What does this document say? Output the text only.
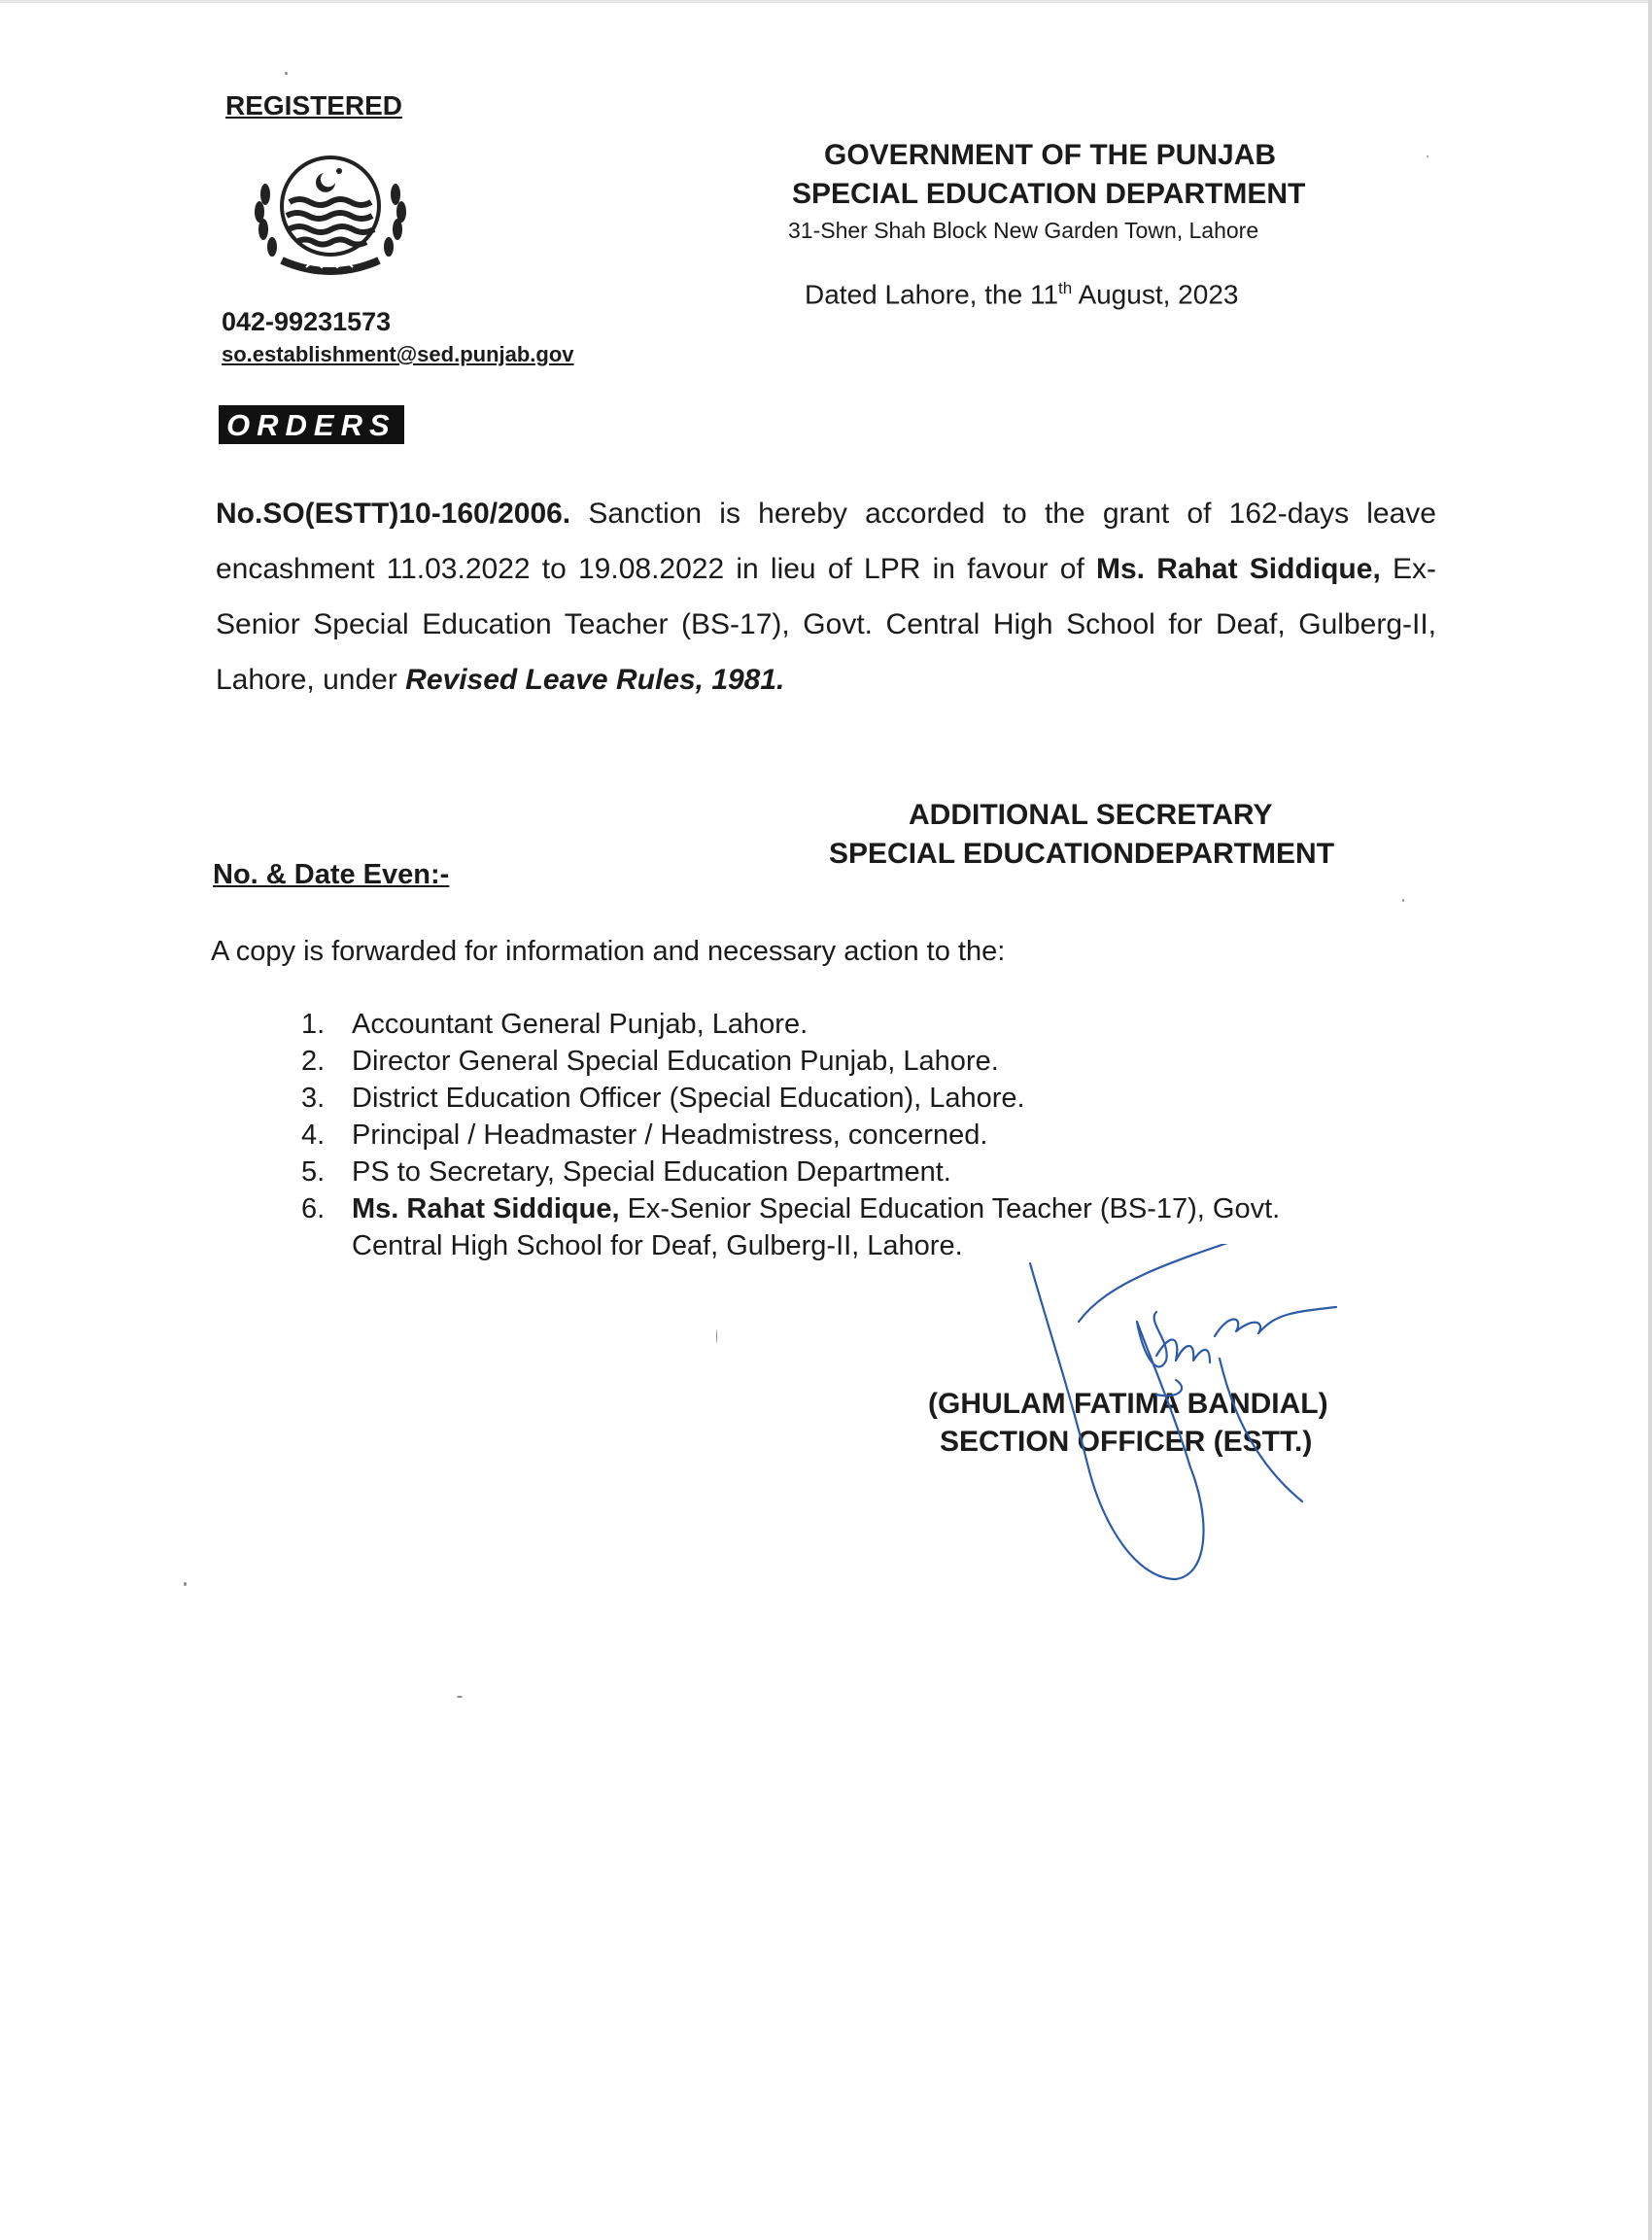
REGISTERED
042-99231573
so.establishment@sed.punjab.gov
GOVERNMENT OF THE PUNJAB
SPECIAL EDUCATION DEPARTMENT
31-Sher Shah Block New Garden Town, Lahore
Dated Lahore, the 11th August, 2023
ORDERS
No.SO(ESTT)10-160/2006. Sanction is hereby accorded to the grant of 162-days leave encashment 11.03.2022 to 19.08.2022 in lieu of LPR in favour of Ms. Rahat Siddique, Ex-Senior Special Education Teacher (BS-17), Govt. Central High School for Deaf, Gulberg-II, Lahore, under Revised Leave Rules, 1981.
ADDITIONAL SECRETARY
SPECIAL EDUCATIONDEPARTMENT
No. & Date Even:-
A copy is forwarded for information and necessary action to the:
1. Accountant General Punjab, Lahore.
2. Director General Special Education Punjab, Lahore.
3. District Education Officer (Special Education), Lahore.
4. Principal / Headmaster / Headmistress, concerned.
5. PS to Secretary, Special Education Department.
6. Ms. Rahat Siddique, Ex-Senior Special Education Teacher (BS-17), Govt.
Central High School for Deaf, Gulberg-II, Lahore.
(GHULAM FATIMA BANDIAL)
SECTION OFFICER (ESTT.)
